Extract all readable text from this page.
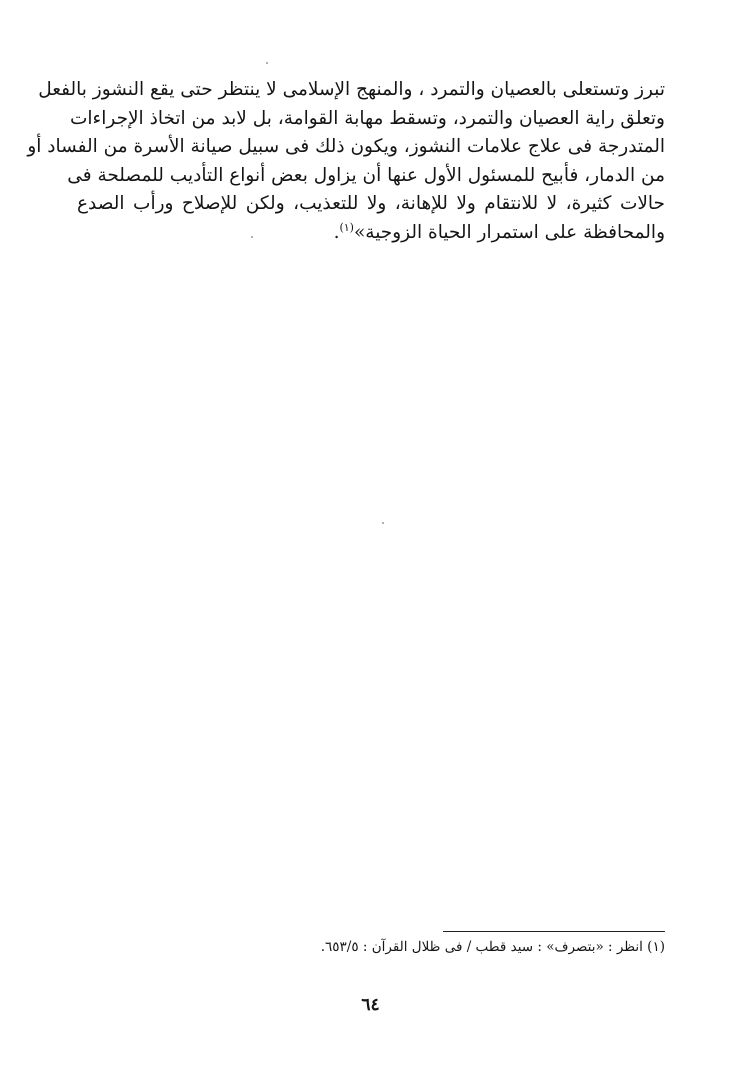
تبرز وتستعلى بالعصيان والتمرد ، والمنهج الإسلامى لا ينتظر حتى يقع النشوز بالفعل
وتعلق راية العصيان والتمرد، وتسقط مهابة القوامة، بل لابد من اتخاذ الإجراءات
المتدرجة فى علاج علامات النشوز، ويكون ذلك فى سبيل صيانة الأسرة من الفساد أو
من الدمار، فأبيح للمسئول الأول عنها أن يزاول بعض أنواع التأديب للمصلحة فى
حالات كثيرة، لا للانتقام ولا للإهانة، ولا للتعذيب، ولكن للإصلاح ورأب الصدع
والمحافظة على استمرار الحياة الزوجية»$^{(١)}$.
(١) انظر : «بتصرف» : سيد قطب / فى ظلال القرآن : ٦٥٣/٥.
٦٤
